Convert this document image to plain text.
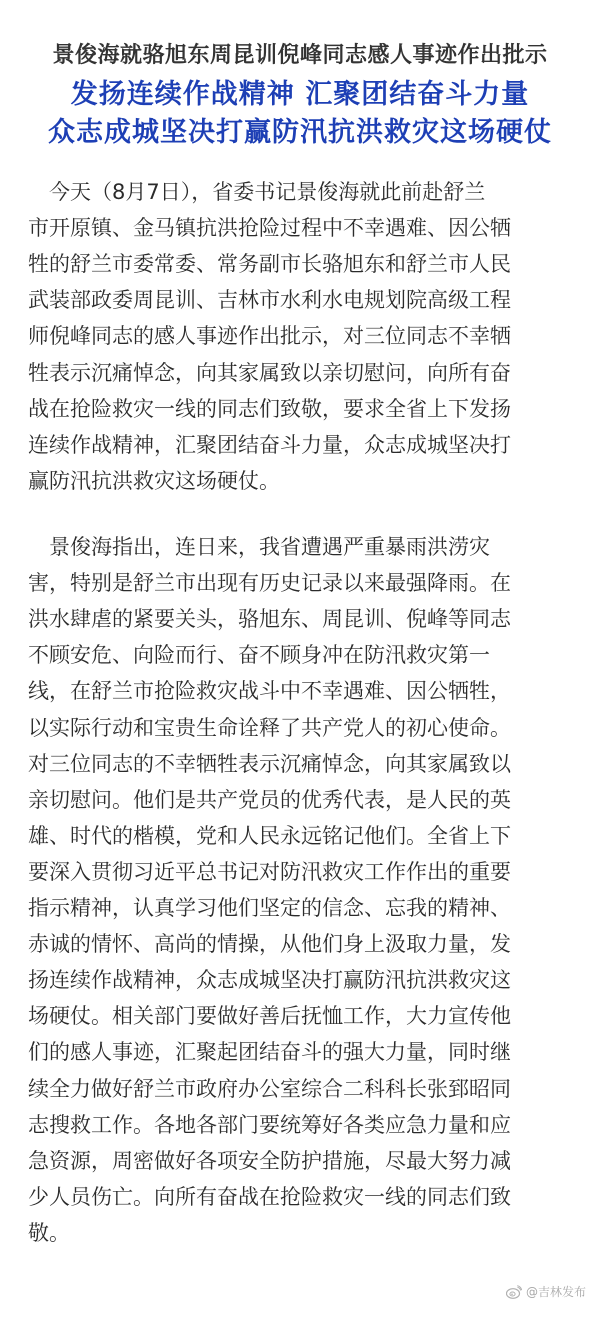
景俊海就骆旭东周昆训倪峰同志感人事迹作出批示
发扬连续作战精神 汇聚团结奋斗力量
众志成城坚决打赢防汛抗洪救灾这场硬仗
　今天（8月7日），省委书记景俊海就此前赴舒兰
市开原镇、金马镇抗洪抢险过程中不幸遇难、因公牺
牲的舒兰市委常委、常务副市长骆旭东和舒兰市人民
武装部政委周昆训、吉林市水利水电规划院高级工程
师倪峰同志的感人事迹作出批示，对三位同志不幸牺
牲表示沉痛悼念，向其家属致以亲切慰问，向所有奋
战在抢险救灾一线的同志们致敬，要求全省上下发扬
连续作战精神，汇聚团结奋斗力量，众志成城坚决打
赢防汛抗洪救灾这场硬仗。
　景俊海指出，连日来，我省遭遇严重暴雨洪涝灾
害，特别是舒兰市出现有历史记录以来最强降雨。在
洪水肆虐的紧要关头，骆旭东、周昆训、倪峰等同志
不顾安危、向险而行、奋不顾身冲在防汛救灾第一
线，在舒兰市抢险救灾战斗中不幸遇难、因公牺牲，
以实际行动和宝贵生命诠释了共产党人的初心使命。
对三位同志的不幸牺牲表示沉痛悼念，向其家属致以
亲切慰问。他们是共产党员的优秀代表，是人民的英
雄、时代的楷模，党和人民永远铭记他们。全省上下
要深入贯彻习近平总书记对防汛救灾工作作出的重要
指示精神，认真学习他们坚定的信念、忘我的精神、
赤诚的情怀、高尚的情操，从他们身上汲取力量，发
扬连续作战精神，众志成城坚决打赢防汛抗洪救灾这
场硬仗。相关部门要做好善后抚恤工作，大力宣传他
们的感人事迹，汇聚起团结奋斗的强大力量，同时继
续全力做好舒兰市政府办公室综合二科科长张郅昭同
志搜救工作。各地各部门要统筹好各类应急力量和应
急资源，周密做好各项安全防护措施，尽最大努力减
少人员伤亡。向所有奋战在抢险救灾一线的同志们致
敬。
@吉林发布
